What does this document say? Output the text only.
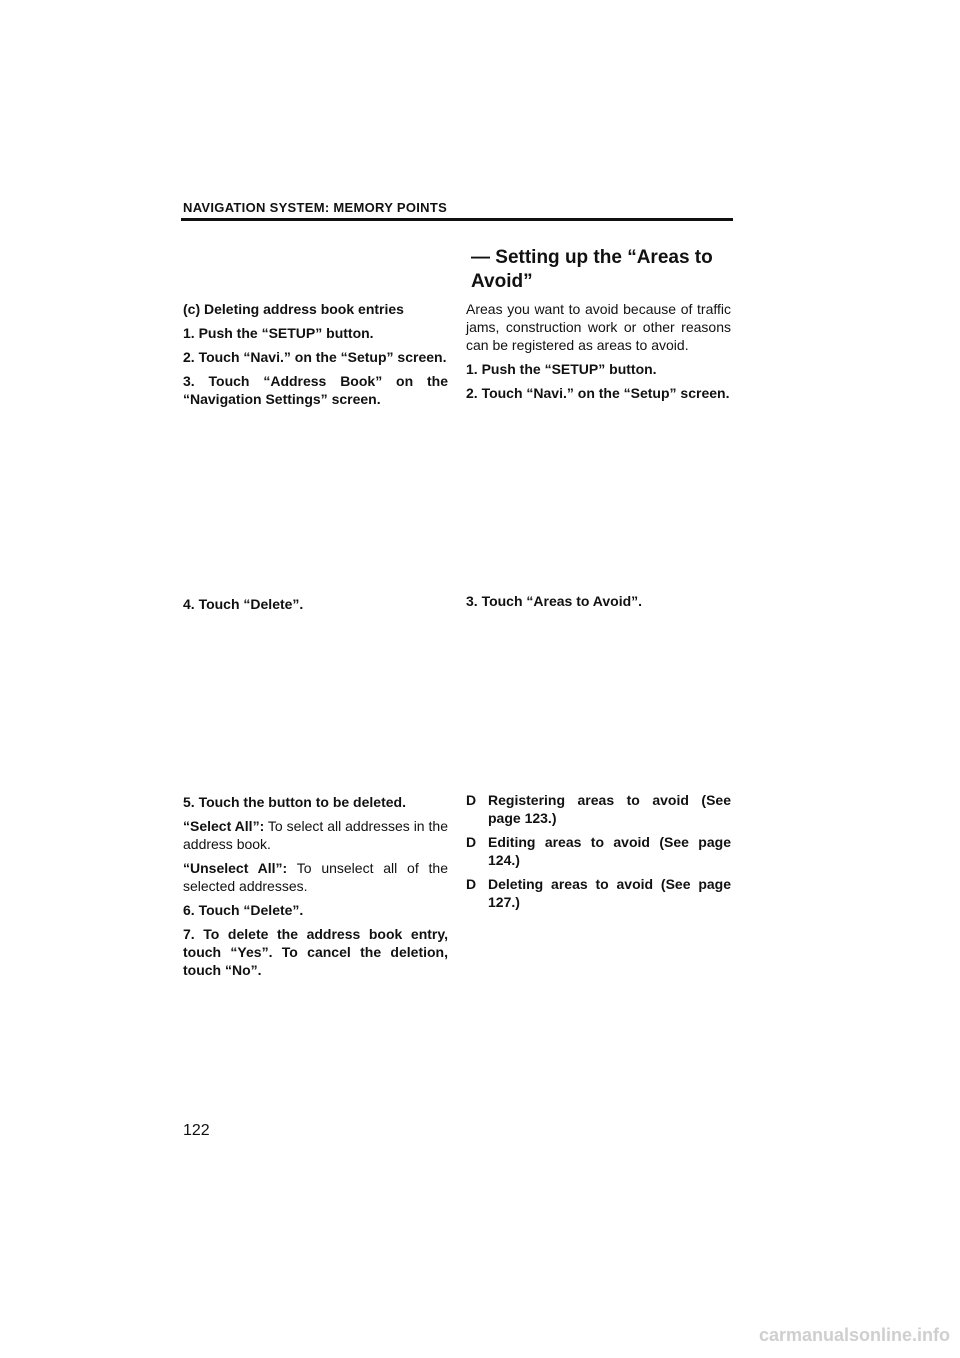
NAVIGATION SYSTEM: MEMORY POINTS
— Setting up the “Areas to Avoid”
(c) Deleting address book entries

1. Push the “SETUP” button.

2. Touch “Navi.” on the “Setup” screen.

3. Touch “Address Book” on the “Navigation Settings” screen.

4. Touch “Delete”.

5. Touch the button to be deleted.

“Select All”: To select all addresses in the address book.

“Unselect All”: To unselect all of the selected addresses.

6. Touch “Delete”.

7. To delete the address book entry, touch “Yes”. To cancel the deletion, touch “No”.

Areas you want to avoid because of traffic jams, construction work or other reasons can be registered as areas to avoid.

1. Push the “SETUP” button.

2. Touch “Navi.” on the “Setup” screen.

3. Touch “Areas to Avoid”.
D Registering areas to avoid (See page 123.)
D Editing areas to avoid (See page 124.)
D Deleting areas to avoid (See page 127.)
122
carmanualsonline.info
